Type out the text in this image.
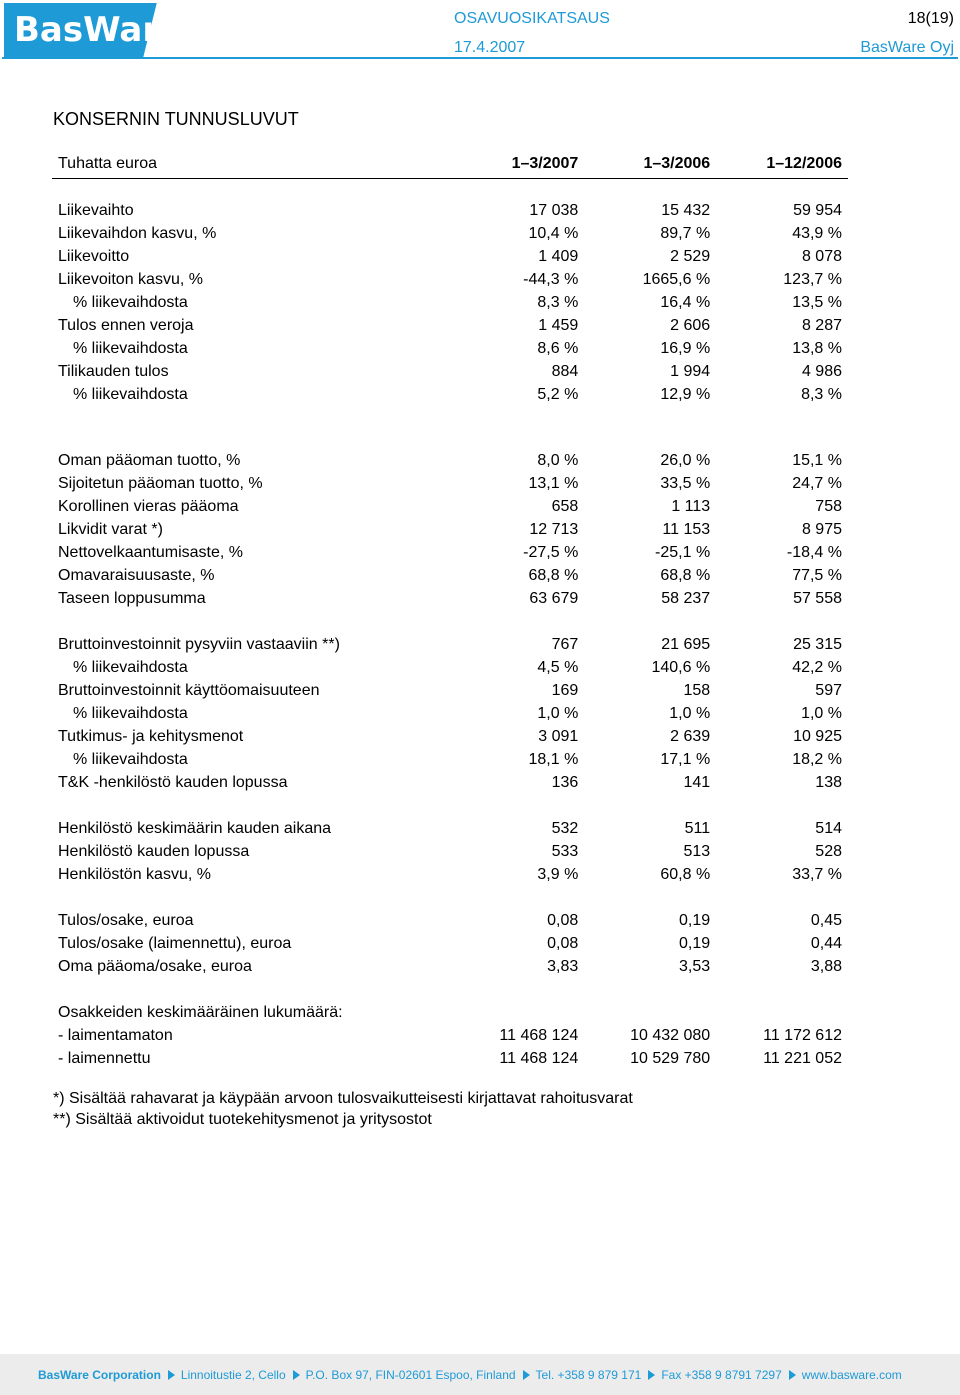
BasWare	OSAVUOSIKATSAUS
17.4.2007
18(19)
BasWare Oyj
KONSERNIN TUNNUSLUVUT
Tuhatta euroa	1–3/2007	1–3/2006	1–12/2006

Liikevaihto	17 038	15 432	59 954
Liikevaihdon kasvu, %	10,4 %	89,7 %	43,9 %
Liikevoitto	1 409	2 529	8 078
Liikevoiton kasvu, %	-44,3 %	1665,6 %	123,7 %
% liikevaihdosta	8,3 %	16,4 %	13,5 %
Tulos ennen veroja	1 459	2 606	8 287
% liikevaihdosta	8,6 %	16,9 %	13,8 %
Tilikauden tulos	884	1 994	4 986
% liikevaihdosta	5,2 %	12,9 %	8,3 %

Oman pääoman tuotto, %	8,0 %	26,0 %	15,1 %
Sijoitetun pääoman tuotto, %	13,1 %	33,5 %	24,7 %
Korollinen vieras pääoma	658	1 113	758
Likvidit varat *)	12 713	11 153	8 975
Nettovelkaantumisaste, %	-27,5 %	-25,1 %	-18,4 %
Omavaraisuusaste, %	68,8 %	68,8 %	77,5 %
Taseen loppusumma	63 679	58 237	57 558

Bruttoinvestoinnit pysyviin vastaaviin **)	767	21 695	25 315
% liikevaihdosta	4,5 %	140,6 %	42,2 %
Bruttoinvestoinnit käyttöomaisuuteen	169	158	597
% liikevaihdosta	1,0 %	1,0 %	1,0 %
Tutkimus- ja kehitysmenot	3 091	2 639	10 925
% liikevaihdosta	18,1 %	17,1 %	18,2 %
T&K -henkilöstö kauden lopussa	136	141	138

Henkilöstö keskimäärin kauden aikana	532	511	514
Henkilöstö kauden lopussa	533	513	528
Henkilöstön kasvu, %	3,9 %	60,8 %	33,7 %

Tulos/osake, euroa	0,08	0,19	0,45
Tulos/osake (laimennettu), euroa	0,08	0,19	0,44
Oma pääoma/osake, euroa	3,83	3,53	3,88

Osakkeiden keskimääräinen lukumäärä:			
- laimentamaton	11 468 124	10 432 080	11 172 612
- laimennettu	11 468 124	10 529 780	11 221 052
*) Sisältää rahavarat ja käypään arvoon tulosvaikutteisesti kirjattavat rahoitusvarat
**) Sisältää aktivoidut tuotekehitysmenot ja yritysostot
BasWare Corporation Linnoitustie 2, Cello P.O. Box 97, FIN-02601 Espoo, Finland Tel. +358 9 879 171 Fax +358 9 8791 7297 www.basware.com
